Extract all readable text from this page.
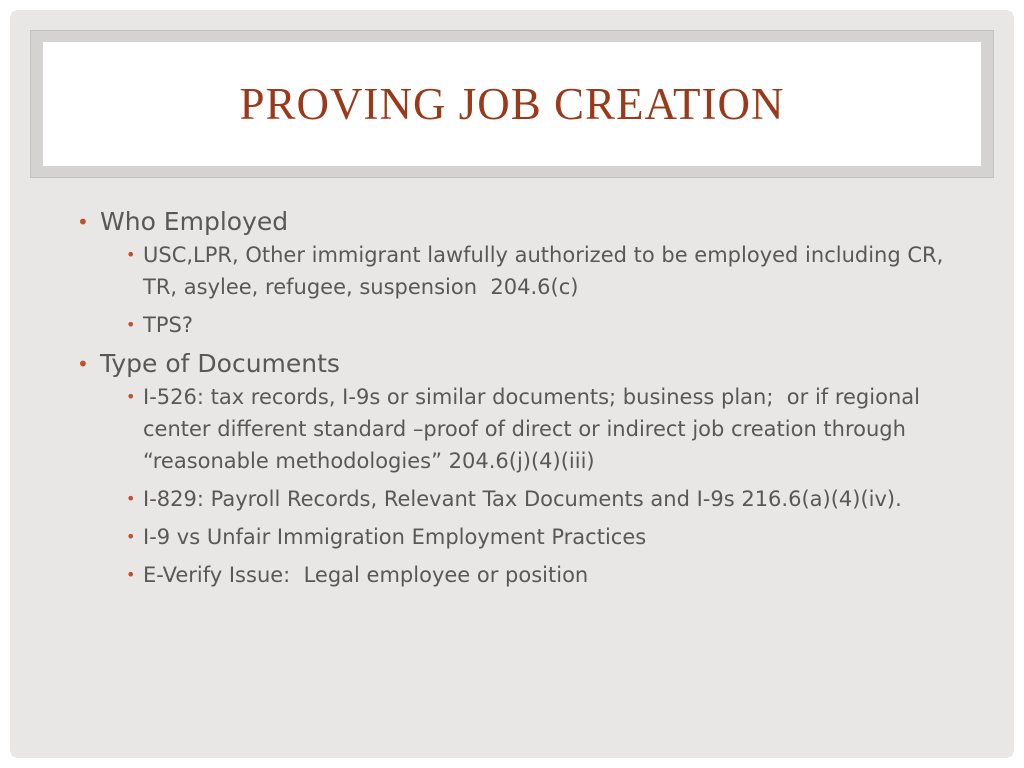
PROVING JOB CREATION
• Who Employed
• USC,LPR, Other immigrant lawfully authorized to be employed including CR, TR, asylee, refugee, suspension  204.6(c)
• TPS?
• Type of Documents
• I-526: tax records, I-9s or similar documents; business plan;  or if regional center different standard –proof of direct or indirect job creation through “reasonable methodologies” 204.6(j)(4)(iii)
• I-829: Payroll Records, Relevant Tax Documents and I-9s 216.6(a)(4)(iv).
• I-9 vs Unfair Immigration Employment Practices
• E-Verify Issue:  Legal employee or position
